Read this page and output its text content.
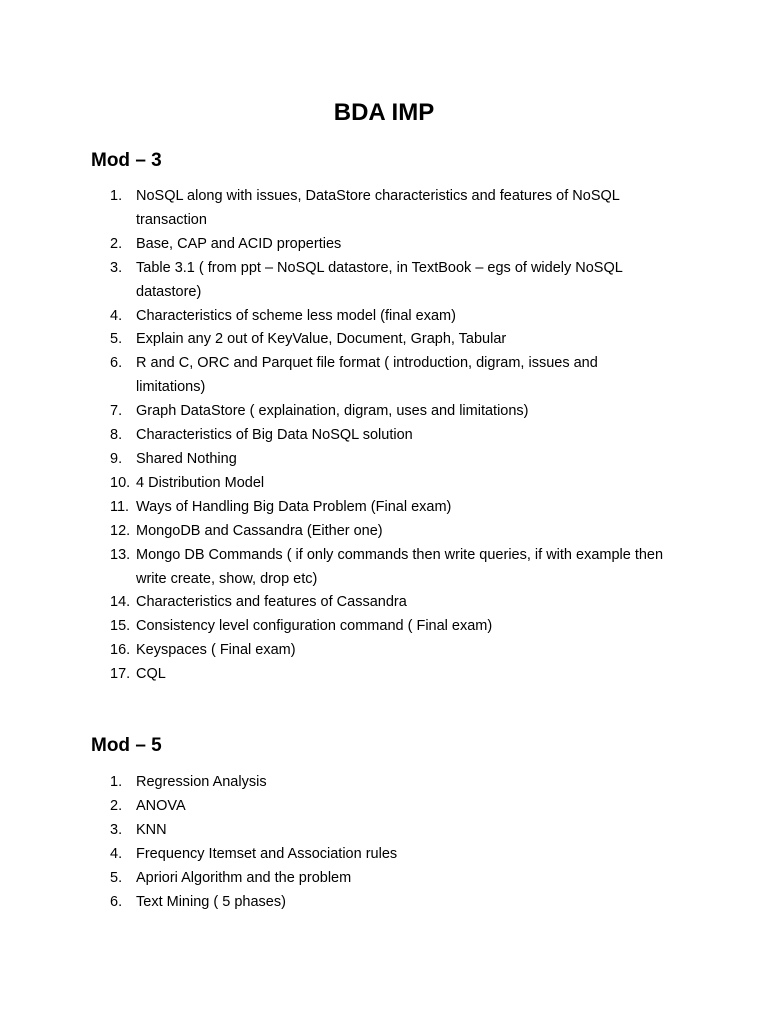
BDA IMP
Mod – 3
1. NoSQL along with issues, DataStore characteristics and features of NoSQL transaction
2. Base, CAP and ACID properties
3. Table 3.1 ( from ppt – NoSQL datastore, in TextBook – egs of widely NoSQL datastore)
4. Characteristics of scheme less model (final exam)
5. Explain any 2 out of KeyValue, Document, Graph, Tabular
6. R and C, ORC and Parquet file format ( introduction, digram, issues and limitations)
7. Graph DataStore ( explaination, digram, uses and limitations)
8. Characteristics of Big Data NoSQL solution
9. Shared Nothing
10. 4 Distribution Model
11. Ways of Handling Big Data Problem (Final exam)
12. MongoDB and Cassandra (Either one)
13. Mongo DB Commands ( if only commands then write queries, if with example then write create, show, drop etc)
14. Characteristics and features of Cassandra
15. Consistency level configuration command ( Final exam)
16. Keyspaces ( Final exam)
17. CQL
Mod – 5
1. Regression Analysis
2. ANOVA
3. KNN
4. Frequency Itemset and Association rules
5. Apriori Algorithm and the problem
6. Text Mining ( 5 phases)
